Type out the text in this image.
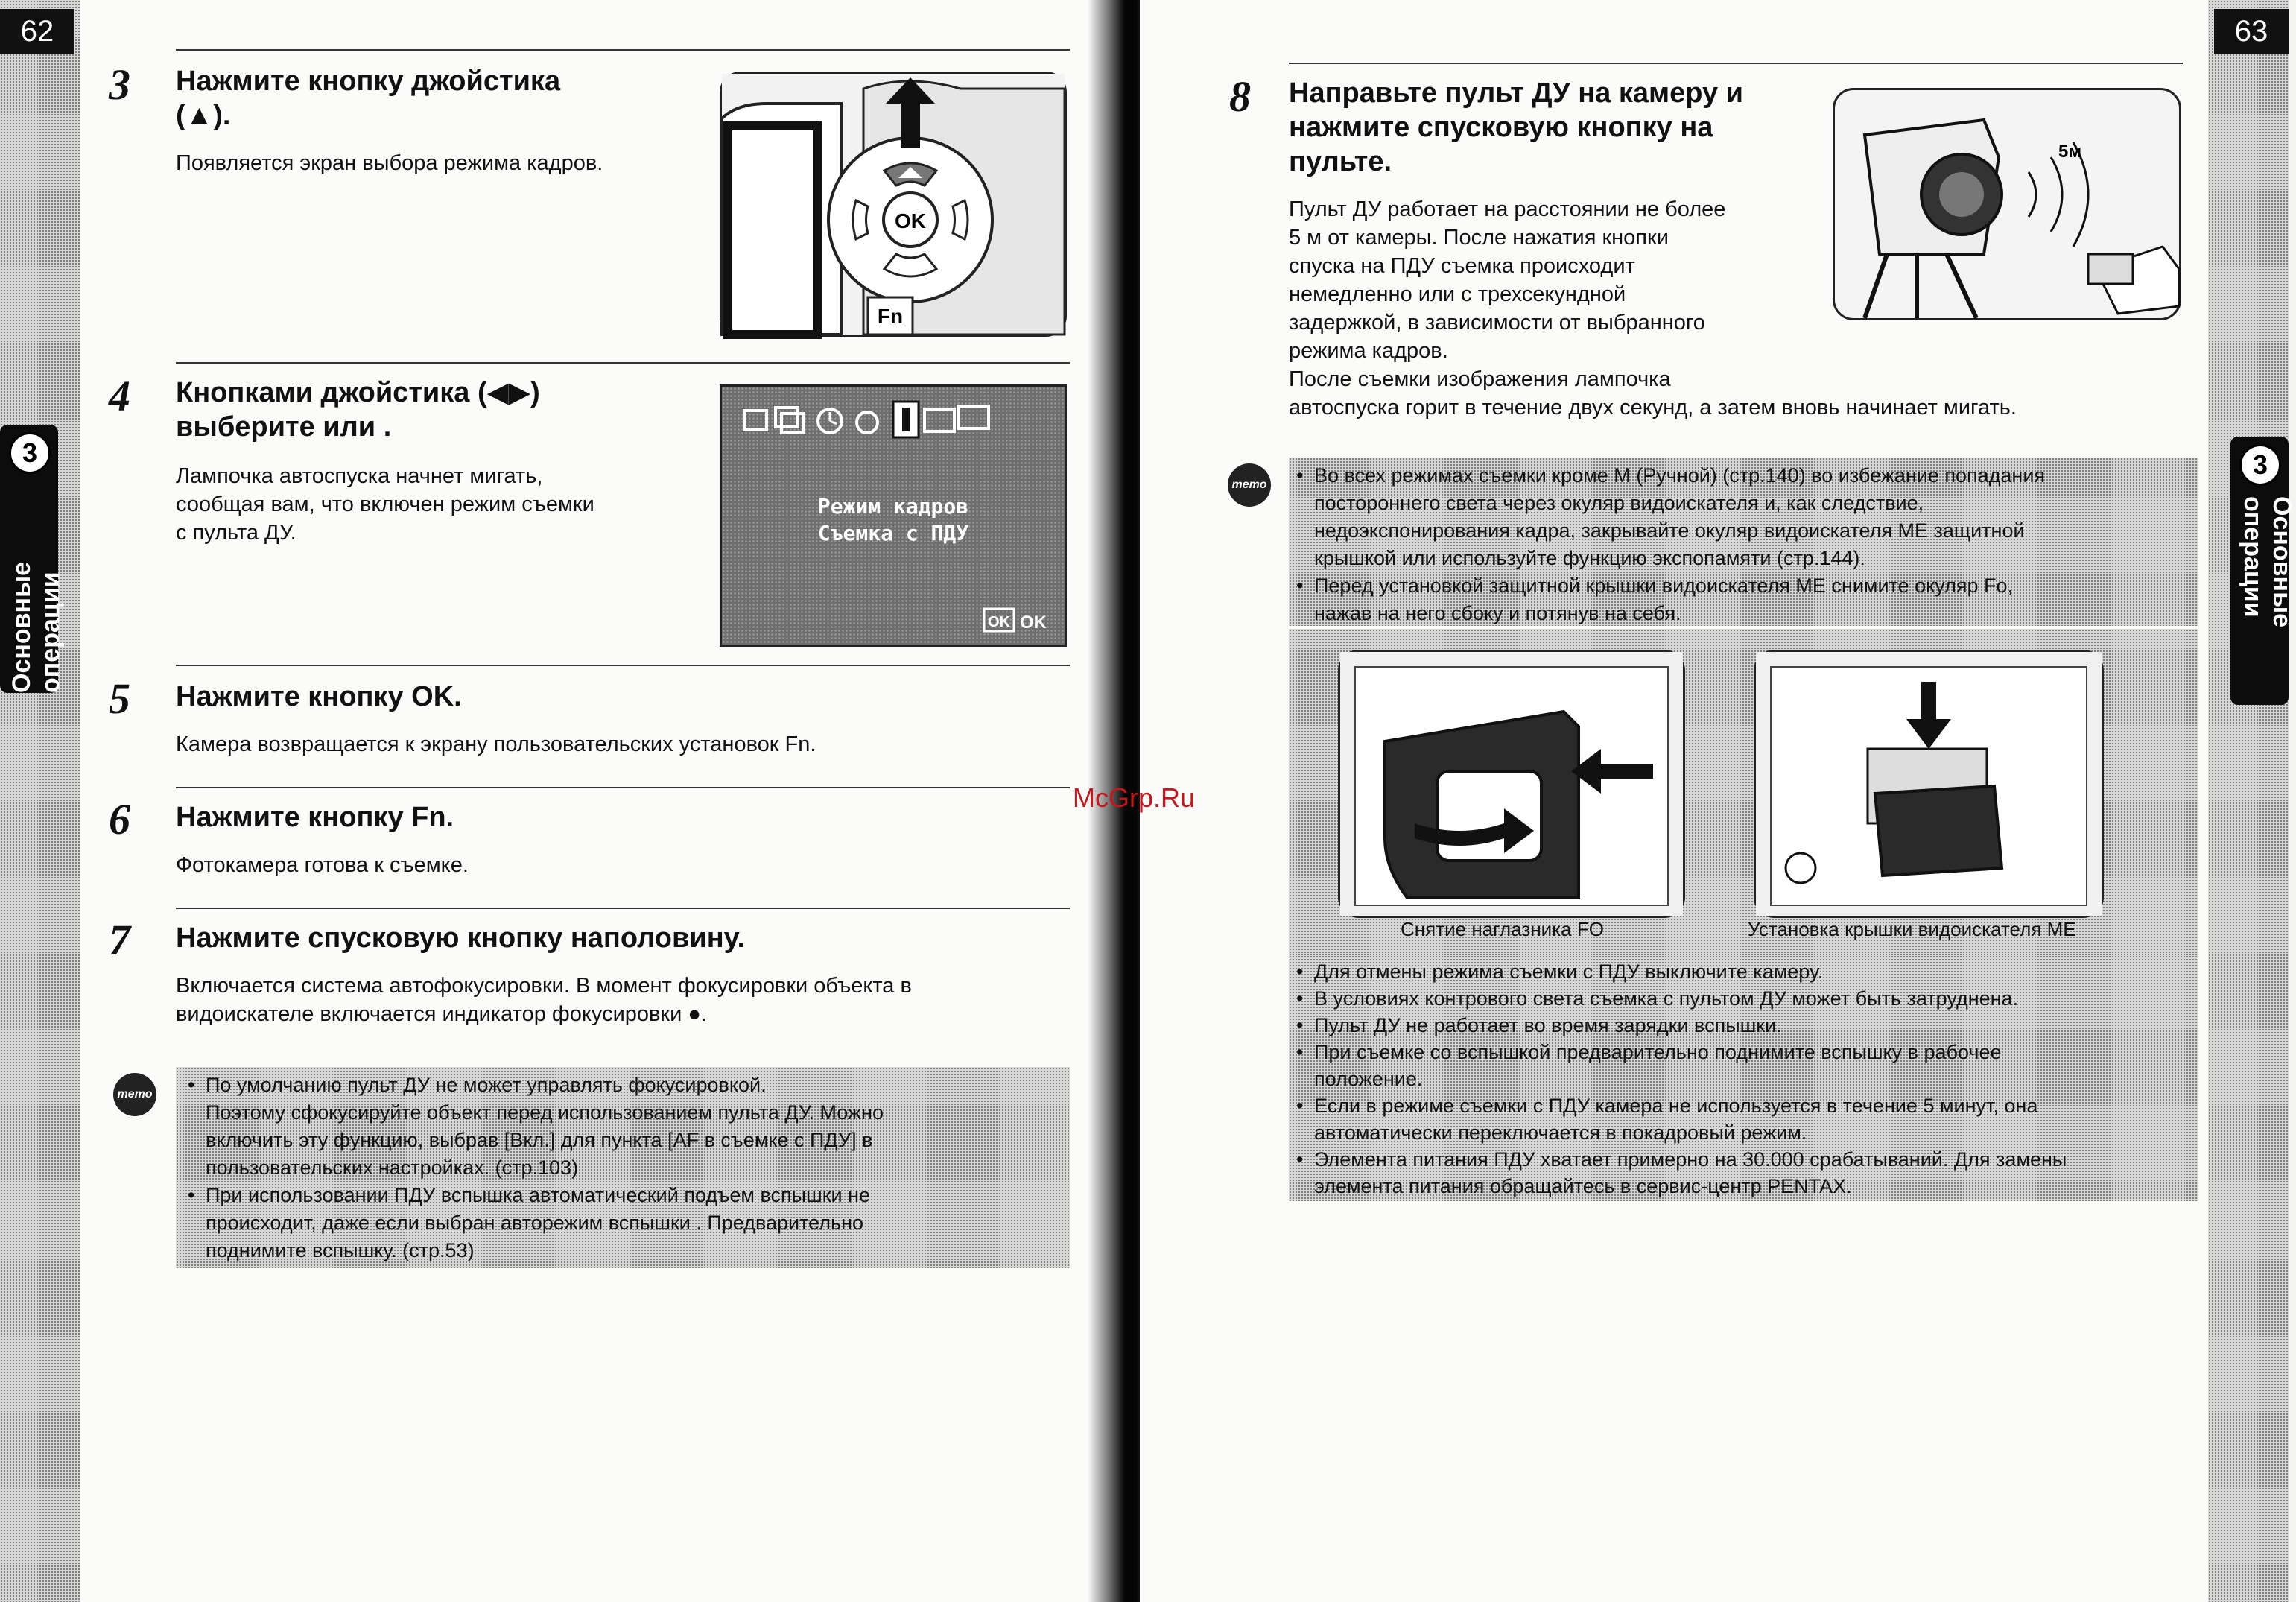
62
3
Основные операции
3 Нажмите кнопку джойстика
(▲).
Появляется экран выбора режима кадров.
OK
Fn
4 Кнопками джойстика (◀▶)
выберите или .
Лампочка автоспуска начнет мигать,
сообщая вам, что включен режим съемки
с пульта ДУ.
Режим кадров
Съемка с ПДУ
OK OK
5 Нажмите кнопку OK.
Камера возвращается к экрану пользовательских установок Fn.
6 Нажмите кнопку Fn.
Фотокамера готова к съемке.
7 Нажмите спусковую кнопку наполовину.
Включается система автофокусировки. В момент фокусировки объекта в
видоискателе включается индикатор фокусировки ●.
memo	• По умолчанию пульт ДУ не может управлять фокусировкой.
Поэтому сфокусируйте объект перед использованием пульта ДУ. Можно
включить эту функцию, выбрав [Вкл.] для пункта [AF в съемке с ПДУ] в
пользовательских настройках. (стр.103)
• При использовании ПДУ вспышка автоматический подъем вспышки не
происходит, даже если выбран авторежим вспышки . Предварительно
поднимите вспышку. (стр.53)
63
3
Основные операции
8 Направьте пульт ДУ на камеру и
нажмите спусковую кнопку на
пульте.
Пульт ДУ работает на расстоянии не более
5 м от камеры. После нажатия кнопки
спуска на ПДУ съемка происходит
немедленно или с трехсекундной
задержкой, в зависимости от выбранного
режима кадров.
После съемки изображения лампочка
автоспуска горит в течение двух секунд, а затем вновь начинает мигать.
5м
memo • Во всех режимах съемки кроме M (Ручной) (стр.140) во избежание попадания
постороннего света через окуляр видоискателя и, как следствие,
недоэкспонирования кадра, закрывайте окуляр видоискателя ME защитной
крышкой или используйте функцию экспопамяти (стр.144).
• Перед установкой защитной крышки видоискателя ME снимите окуляр Fo,
нажав на него сбоку и потянув на себя.
Снятие наглазника FO	Установка крышки видоискателя ME
• Для отмены режима съемки с ПДУ выключите камеру.
• В условиях контрового света съемка с пультом ДУ может быть затруднена.
• Пульт ДУ не работает во время зарядки вспышки.
• При съемке со вспышкой предварительно поднимите вспышку в рабочее
положение.
• Если в режиме съемки с ПДУ камера не используется в течение 5 минут, она
автоматически переключается в покадровый режим.
• Элемента питания ПДУ хватает примерно на 30.000 срабатываний. Для замены
элемента питания обращайтесь в сервис-центр PENTAX.
McGrp.Ru
